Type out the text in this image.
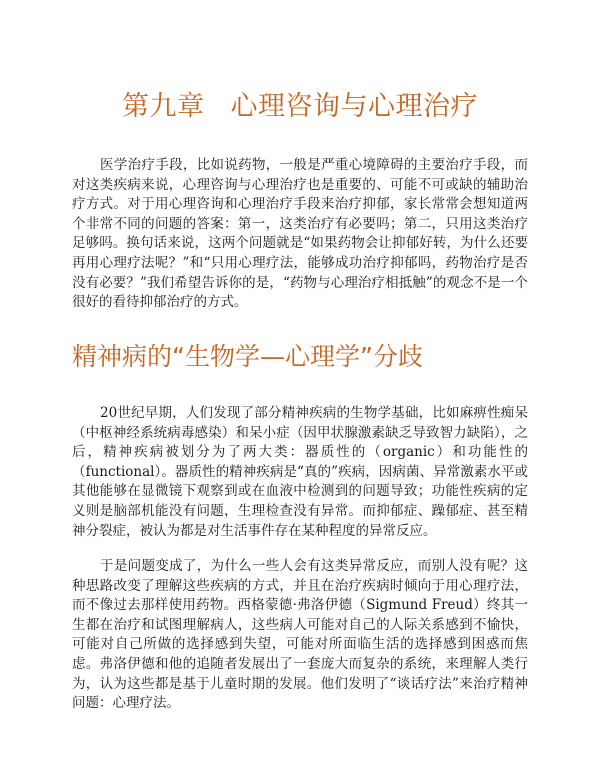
第九章 心理咨询与心理治疗

医学治疗手段，比如说药物，一般是严重心境障碍的主要治疗手段，而对这类疾病来说，心理咨询与心理治疗也是重要的、可能不可或缺的辅助治疗方式。对于用心理咨询和心理治疗手段来治疗抑郁，家长常常会想知道两个非常不同的问题的答案：第一，这类治疗有必要吗；第二，只用这类治疗足够吗。换句话来说，这两个问题就是“如果药物会让抑郁好转，为什么还要再用心理疗法呢？”和“只用心理疗法，能够成功治疗抑郁吗，药物治疗是否没有必要？”我们希望告诉你的是，“药物与心理治疗相抵触”的观念不是一个很好的看待抑郁治疗的方式。

精神病的“生物学—心理学”分歧

20世纪早期，人们发现了部分精神疾病的生物学基础，比如麻痹性痴呆（中枢神经系统病毒感染）和呆小症（因甲状腺激素缺乏导致智力缺陷），之后，精神疾病被划分为了两大类：器质性的（organic）和功能性的（functional）。器质性的精神疾病是“真的”疾病，因病菌、异常激素水平或其他能够在显微镜下观察到或在血液中检测到的问题导致；功能性疾病的定义则是脑部机能没有问题，生理检查没有异常。而抑郁症、躁郁症、甚至精神分裂症，被认为都是对生活事件存在某种程度的异常反应。

于是问题变成了，为什么一些人会有这类异常反应，而别人没有呢？这种思路改变了理解这些疾病的方式，并且在治疗疾病时倾向于用心理疗法，而不像过去那样使用药物。西格蒙德·弗洛伊德（Sigmund Freud）终其一生都在治疗和试图理解病人，这些病人可能对自己的人际关系感到不愉快，可能对自己所做的选择感到失望，可能对所面临生活的选择感到困惑而焦虑。弗洛伊德和他的追随者发展出了一套庞大而复杂的系统，来理解人类行为，认为这些都是基于儿童时期的发展。他们发明了“谈话疗法”来治疗精神问题：心理疗法。
